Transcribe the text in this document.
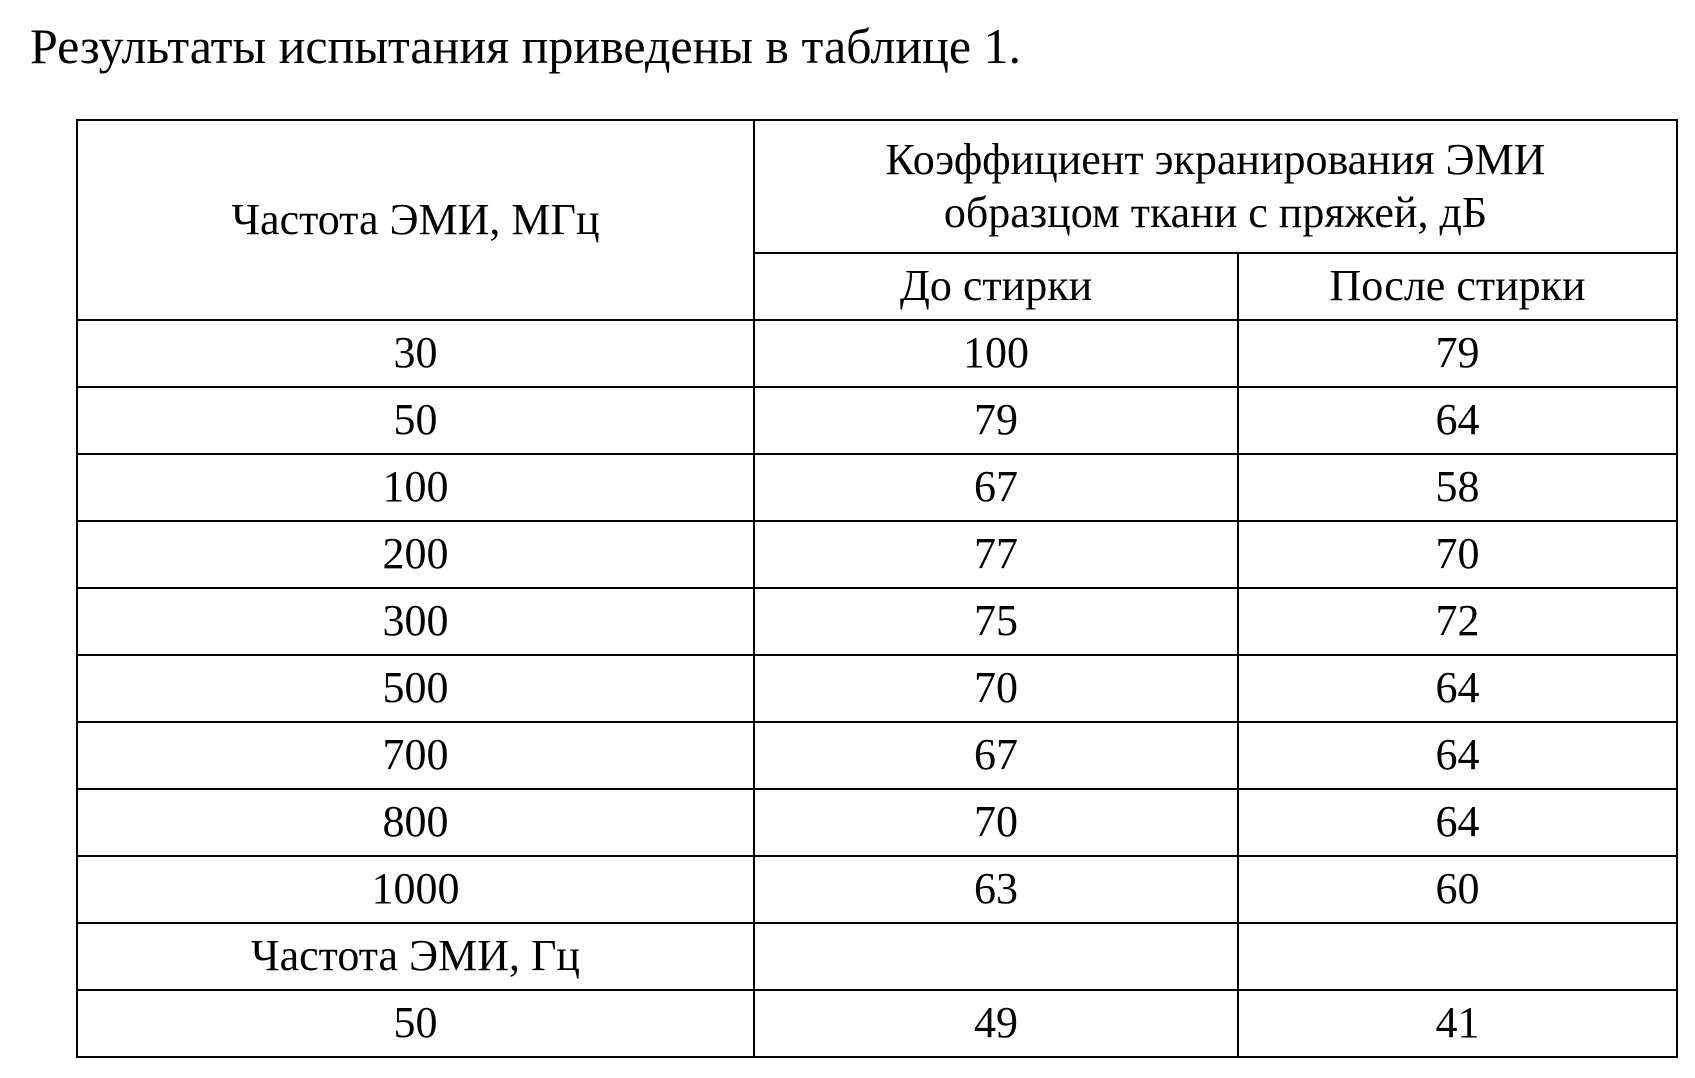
Результаты испытания приведены в таблице 1.

Частота ЭМИ, МГц	Коэффициент экранирования ЭМИ
образцом ткани с пряжей, дБ	

	До стирки	После стирки
30	100	79
50	79	64
100	67	58
200	77	70
300	75	72
500	70	64
700	67	64
800	70	64
1000	63	60
Частота ЭМИ, Гц		
50	49	41
